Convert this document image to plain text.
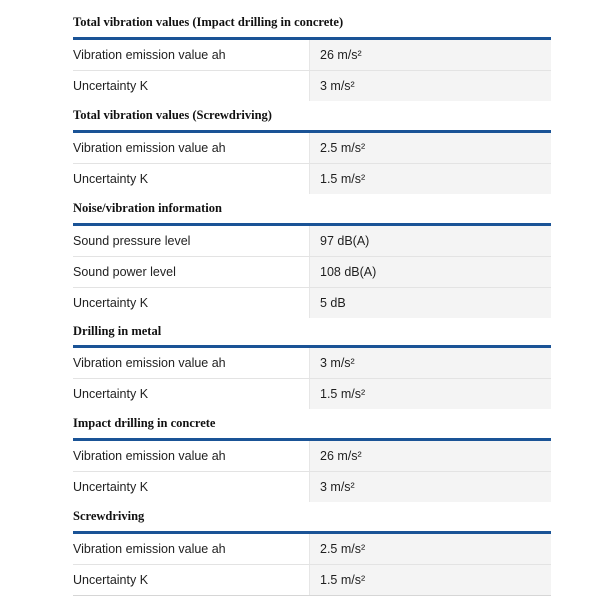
Total vibration values (Impact drilling in concrete)
Vibration emission value ah	26 m/s²
Uncertainty K	3 m/s²
Total vibration values (Screwdriving)
Vibration emission value ah	2.5 m/s²
Uncertainty K	1.5 m/s²
Noise/vibration information
Sound pressure level	97 dB(A)
Sound power level	108 dB(A)
Uncertainty K	5 dB
Drilling in metal
Vibration emission value ah	3 m/s²
Uncertainty K	1.5 m/s²
Impact drilling in concrete
Vibration emission value ah	26 m/s²
Uncertainty K	3 m/s²
Screwdriving
Vibration emission value ah	2.5 m/s²
Uncertainty K	1.5 m/s²
